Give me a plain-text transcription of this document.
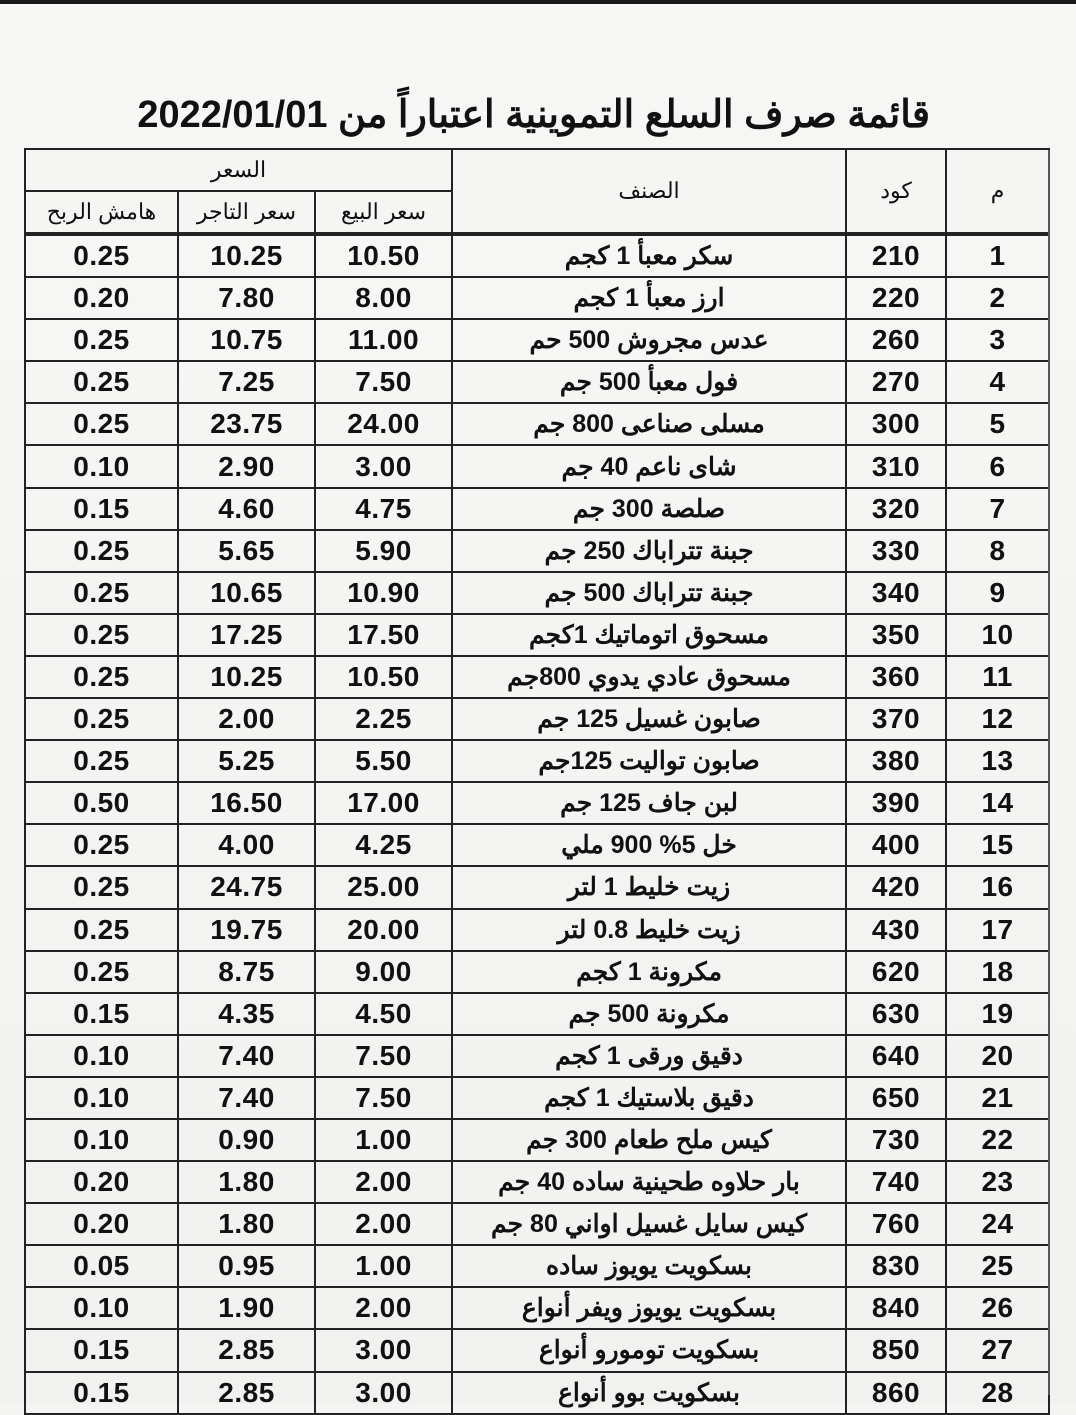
قائمة صرف السلع التموينية اعتباراً من 2022/01/01
م	كود	الصنف	السعر		
			سعر البيع	سعر التاجر	هامش الربح
1	210	سكر معبأ 1 كجم	10.50	10.25	0.25
2	220	ارز معبأ 1 كجم	8.00	7.80	0.20
3	260	عدس مجروش 500 حم	11.00	10.75	0.25
4	270	فول معبأ 500 جم	7.50	7.25	0.25
5	300	مسلى صناعى 800 جم	24.00	23.75	0.25
6	310	شاى ناعم 40 جم	3.00	2.90	0.10
7	320	صلصة 300 جم	4.75	4.60	0.15
8	330	جبنة تتراباك 250 جم	5.90	5.65	0.25
9	340	جبنة تتراباك 500 جم	10.90	10.65	0.25
10	350	مسحوق اتوماتيك 1كجم	17.50	17.25	0.25
11	360	مسحوق عادي يدوي 800جم	10.50	10.25	0.25
12	370	صابون غسيل 125 جم	2.25	2.00	0.25
13	380	صابون تواليت 125جم	5.50	5.25	0.25
14	390	لبن جاف 125 جم	17.00	16.50	0.50
15	400	خل 5% 900 ملي	4.25	4.00	0.25
16	420	زيت خليط 1 لتر	25.00	24.75	0.25
17	430	زيت خليط 0.8 لتر	20.00	19.75	0.25
18	620	مكرونة 1 كجم	9.00	8.75	0.25
19	630	مكرونة 500 جم	4.50	4.35	0.15
20	640	دقيق ورقى 1 كجم	7.50	7.40	0.10
21	650	دقيق بلاستيك 1 كجم	7.50	7.40	0.10
22	730	كيس ملح طعام 300 جم	1.00	0.90	0.10
23	740	بار حلاوه طحينية ساده 40 جم	2.00	1.80	0.20
24	760	كيس سايل غسيل اواني 80 جم	2.00	1.80	0.20
25	830	بسكويت يويوز ساده	1.00	0.95	0.05
26	840	بسكويت يويوز ويفر أنواع	2.00	1.90	0.10
27	850	بسكويت تومورو أنواع	3.00	2.85	0.15
28	860	بسكويت بوو أنواع	3.00	2.85	0.15
